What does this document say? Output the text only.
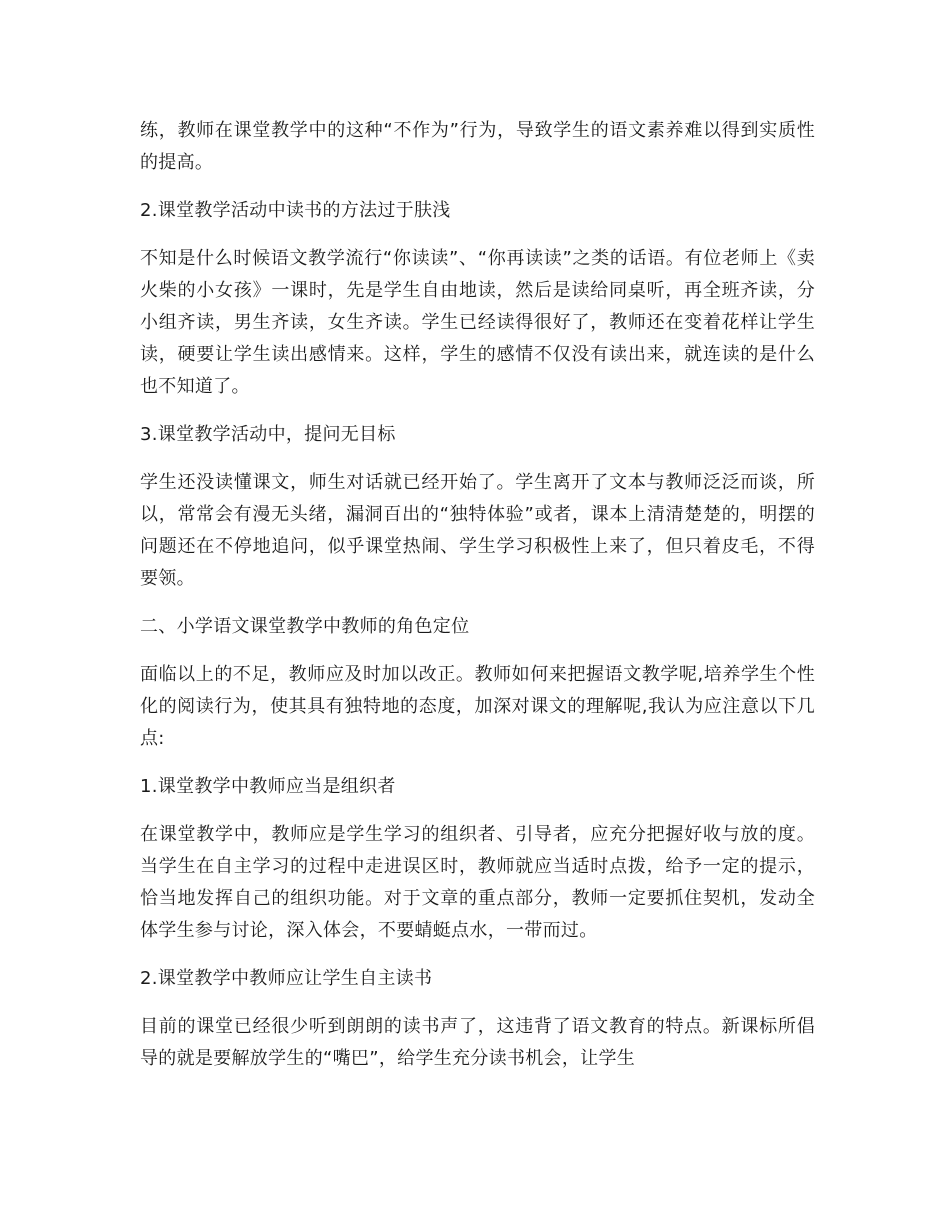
练，教师在课堂教学中的这种“不作为”行为，导致学生的语文素养难以得到实质性的提高。

2.课堂教学活动中读书的方法过于肤浅

不知是什么时候语文教学流行“你读读”、“你再读读”之类的话语。有位老师上《卖火柴的小女孩》一课时，先是学生自由地读，然后是读给同桌听，再全班齐读，分小组齐读，男生齐读，女生齐读。学生已经读得很好了，教师还在变着花样让学生读，硬要让学生读出感情来。这样，学生的感情不仅没有读出来，就连读的是什么也不知道了。

3.课堂教学活动中，提问无目标

学生还没读懂课文，师生对话就已经开始了。学生离开了文本与教师泛泛而谈，所以，常常会有漫无头绪，漏洞百出的“独特体验”或者，课本上清清楚楚的，明摆的问题还在不停地追问，似乎课堂热闹、学生学习积极性上来了，但只着皮毛，不得要领。

二、小学语文课堂教学中教师的角色定位

面临以上的不足，教师应及时加以改正。教师如何来把握语文教学呢,培养学生个性化的阅读行为，使其具有独特地的态度，加深对课文的理解呢,我认为应注意以下几点:

1.课堂教学中教师应当是组织者

在课堂教学中，教师应是学生学习的组织者、引导者，应充分把握好收与放的度。当学生在自主学习的过程中走进误区时，教师就应当适时点拨，给予一定的提示，恰当地发挥自己的组织功能。对于文章的重点部分，教师一定要抓住契机，发动全体学生参与讨论，深入体会，不要蜻蜓点水，一带而过。

2.课堂教学中教师应让学生自主读书

目前的课堂已经很少听到朗朗的读书声了，这违背了语文教育的特点。新课标所倡导的就是要解放学生的“嘴巴”，给学生充分读书机会，让学生
